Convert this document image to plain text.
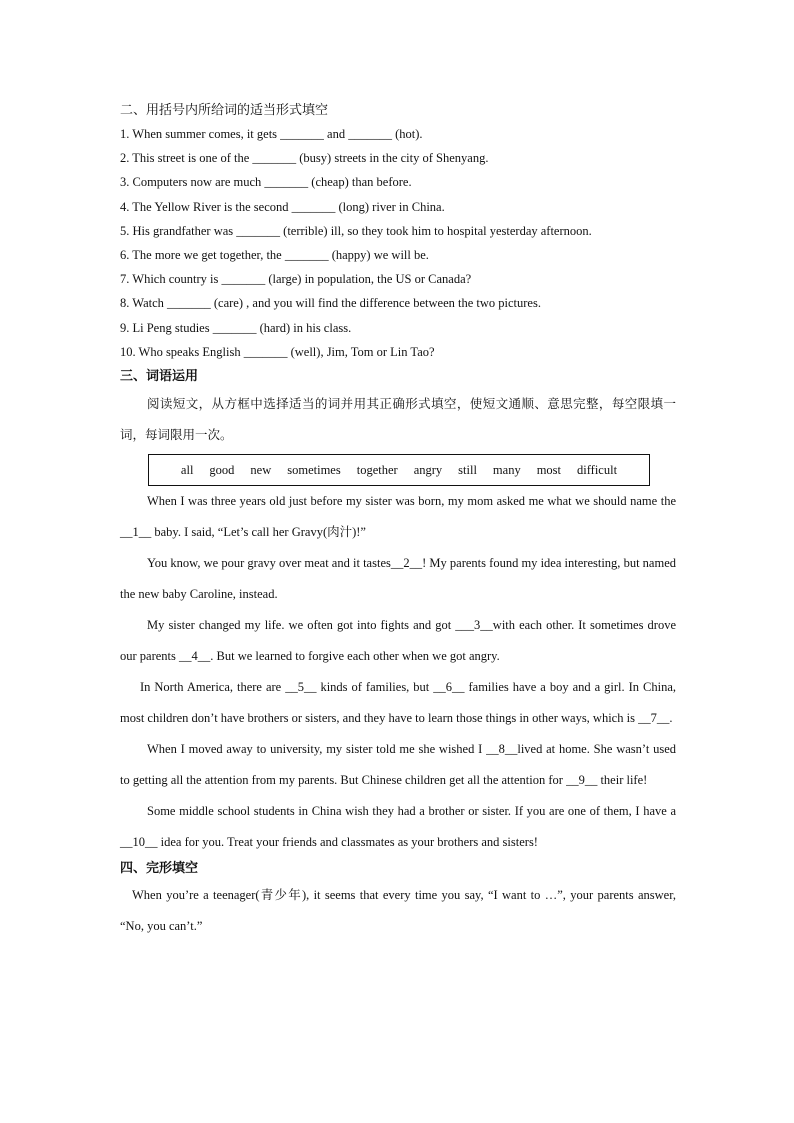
二、用括号内所给词的适当形式填空
1. When summer comes, it gets _______ and _______ (hot).
2. This street is one of the _______ (busy) streets in the city of Shenyang.
3. Computers now are much _______ (cheap) than before.
4. The Yellow River is the second _______ (long) river in China.
5. His grandfather was _______ (terrible) ill, so they took him to hospital yesterday afternoon.
6. The more we get together, the _______ (happy) we will be.
7. Which country is _______ (large) in population, the US or Canada?
8. Watch _______ (care) , and you will find the difference between the two pictures.
9. Li Peng studies _______ (hard) in his class.
10. Who speaks English _______ (well), Jim, Tom or Lin Tao?
三、词语运用

阅读短文，从方框中选择适当的词并用其正确形式填空，使短文通顺、意思完整，每空限填一词，每词限用一次。

all	good	new	sometimes	together	angry	still	many	most	difficult

When I was three years old just before my sister was born, my mom asked me what we should name the __1__ baby. I said, “Let’s call her Gravy(肉汁)!”

You know, we pour gravy over meat and it tastes__2__! My parents found my idea interesting, but named the new baby Caroline, instead.

My sister changed my life. we often got into fights and got ___3__with each other. It sometimes drove our parents __4__. But we learned to forgive each other when we got angry.

In North America, there are __5__ kinds of families, but __6__ families have a boy and a girl. In China, most children don’t have brothers or sisters, and they have to learn those things in other ways, which is __7__.

When I moved away to university, my sister told me she wished I __8__lived at home. She wasn’t used to getting all the attention from my parents. But Chinese children get all the attention for __9__ their life!

Some middle school students in China wish they had a brother or sister. If you are one of them, I have a __10__ idea for you. Treat your friends and classmates as your brothers and sisters!

四、完形填空

When you’re a teenager(青少年), it seems that every time you say, “I want to …”, your parents answer, “No, you can’t.”
